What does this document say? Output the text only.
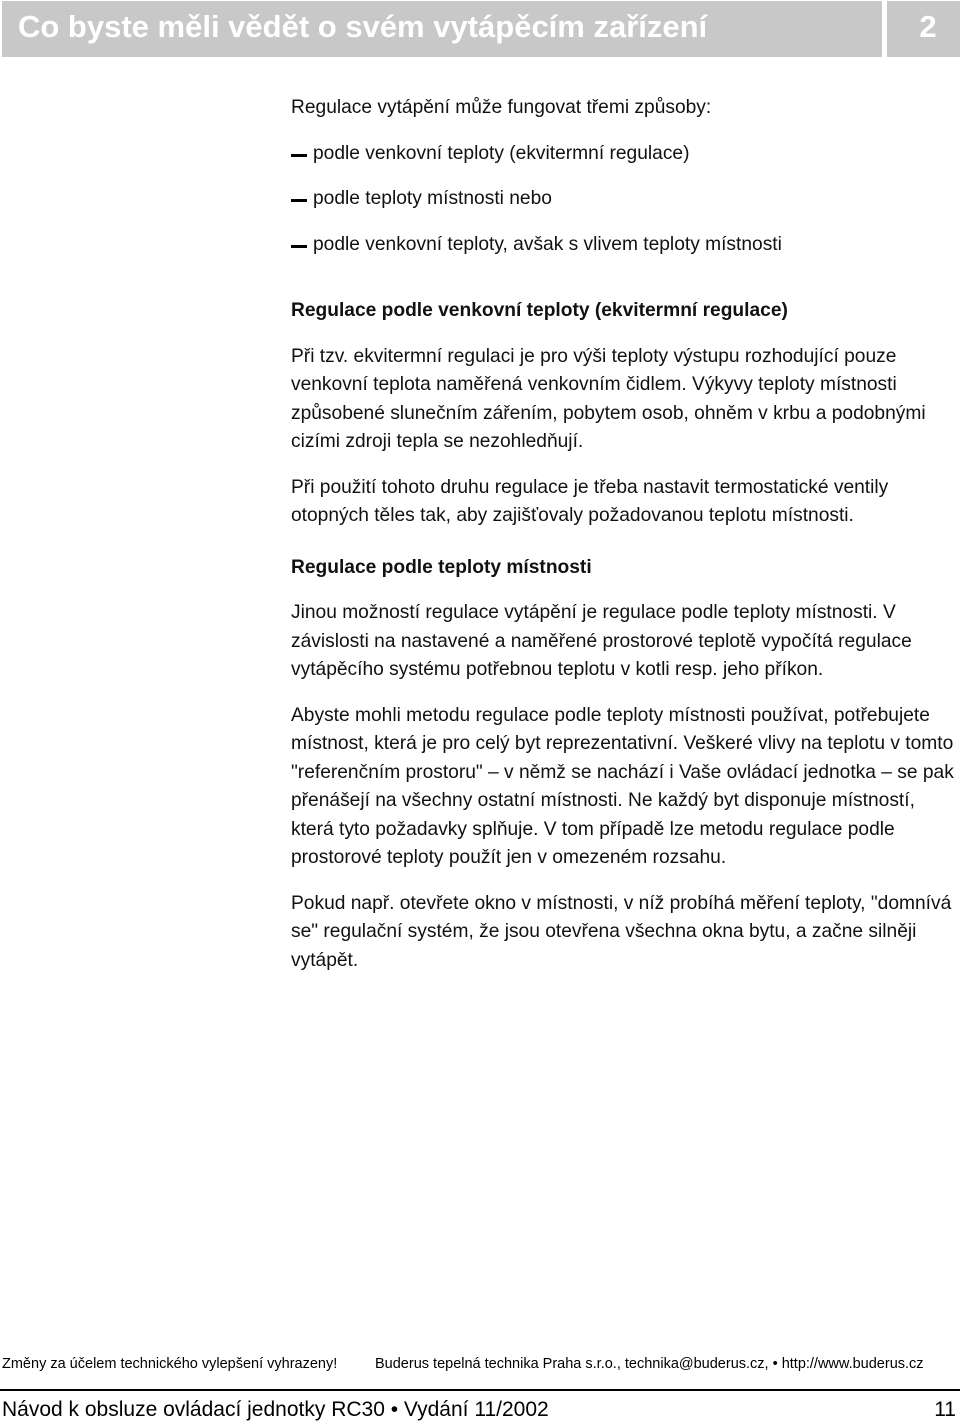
Co byste měli vědět o svém vytápěcím zařízení	2

Regulace vytápění může fungovat třemi způsoby:

podle venkovní teploty (ekvitermní regulace)
podle teploty místnosti nebo
podle venkovní teploty, avšak s vlivem teploty místnosti

Regulace podle venkovní teploty (ekvitermní regulace)

Při tzv. ekvitermní regulaci je pro výši teploty výstupu rozhodující pouze venkovní teplota naměřená venkovním čidlem. Výkyvy teploty místnosti způsobené slunečním zářením, pobytem osob, ohněm v krbu a podobnými cizími zdroji tepla se nezohledňují.

Při použití tohoto druhu regulace je třeba nastavit termostatické ventily otopných těles tak, aby zajišťovaly požadovanou teplotu místnosti.

Regulace podle teploty místnosti

Jinou možností regulace vytápění je regulace podle teploty místnosti. V závislosti na nastavené a naměřené prostorové teplotě vypočítá regulace vytápěcího systému potřebnou teplotu v kotli resp. jeho příkon.

Abyste mohli metodu regulace podle teploty místnosti používat, potřebujete místnost, která je pro celý byt reprezentativní. Veškeré vlivy na teplotu v tomto "referenčním prostoru" – v němž se nachází i Vaše ovládací jednotka – se pak přenášejí na všechny ostatní místnosti. Ne každý byt disponuje místností, která tyto požadavky splňuje. V tom případě lze metodu regulace podle prostorové teploty použít jen v omezeném rozsahu.

Pokud např. otevřete okno v místnosti, v níž probíhá měření teploty, "domnívá se" regulační systém, že jsou otevřena všechna okna bytu, a začne silněji vytápět.

Změny za účelem technického vylepšení vyhrazeny!	Buderus tepelná technika Praha s.r.o., technika@buderus.cz, • http://www.buderus.cz
Návod k obsluze ovládací jednotky RC30 • Vydání 11/2002	11
